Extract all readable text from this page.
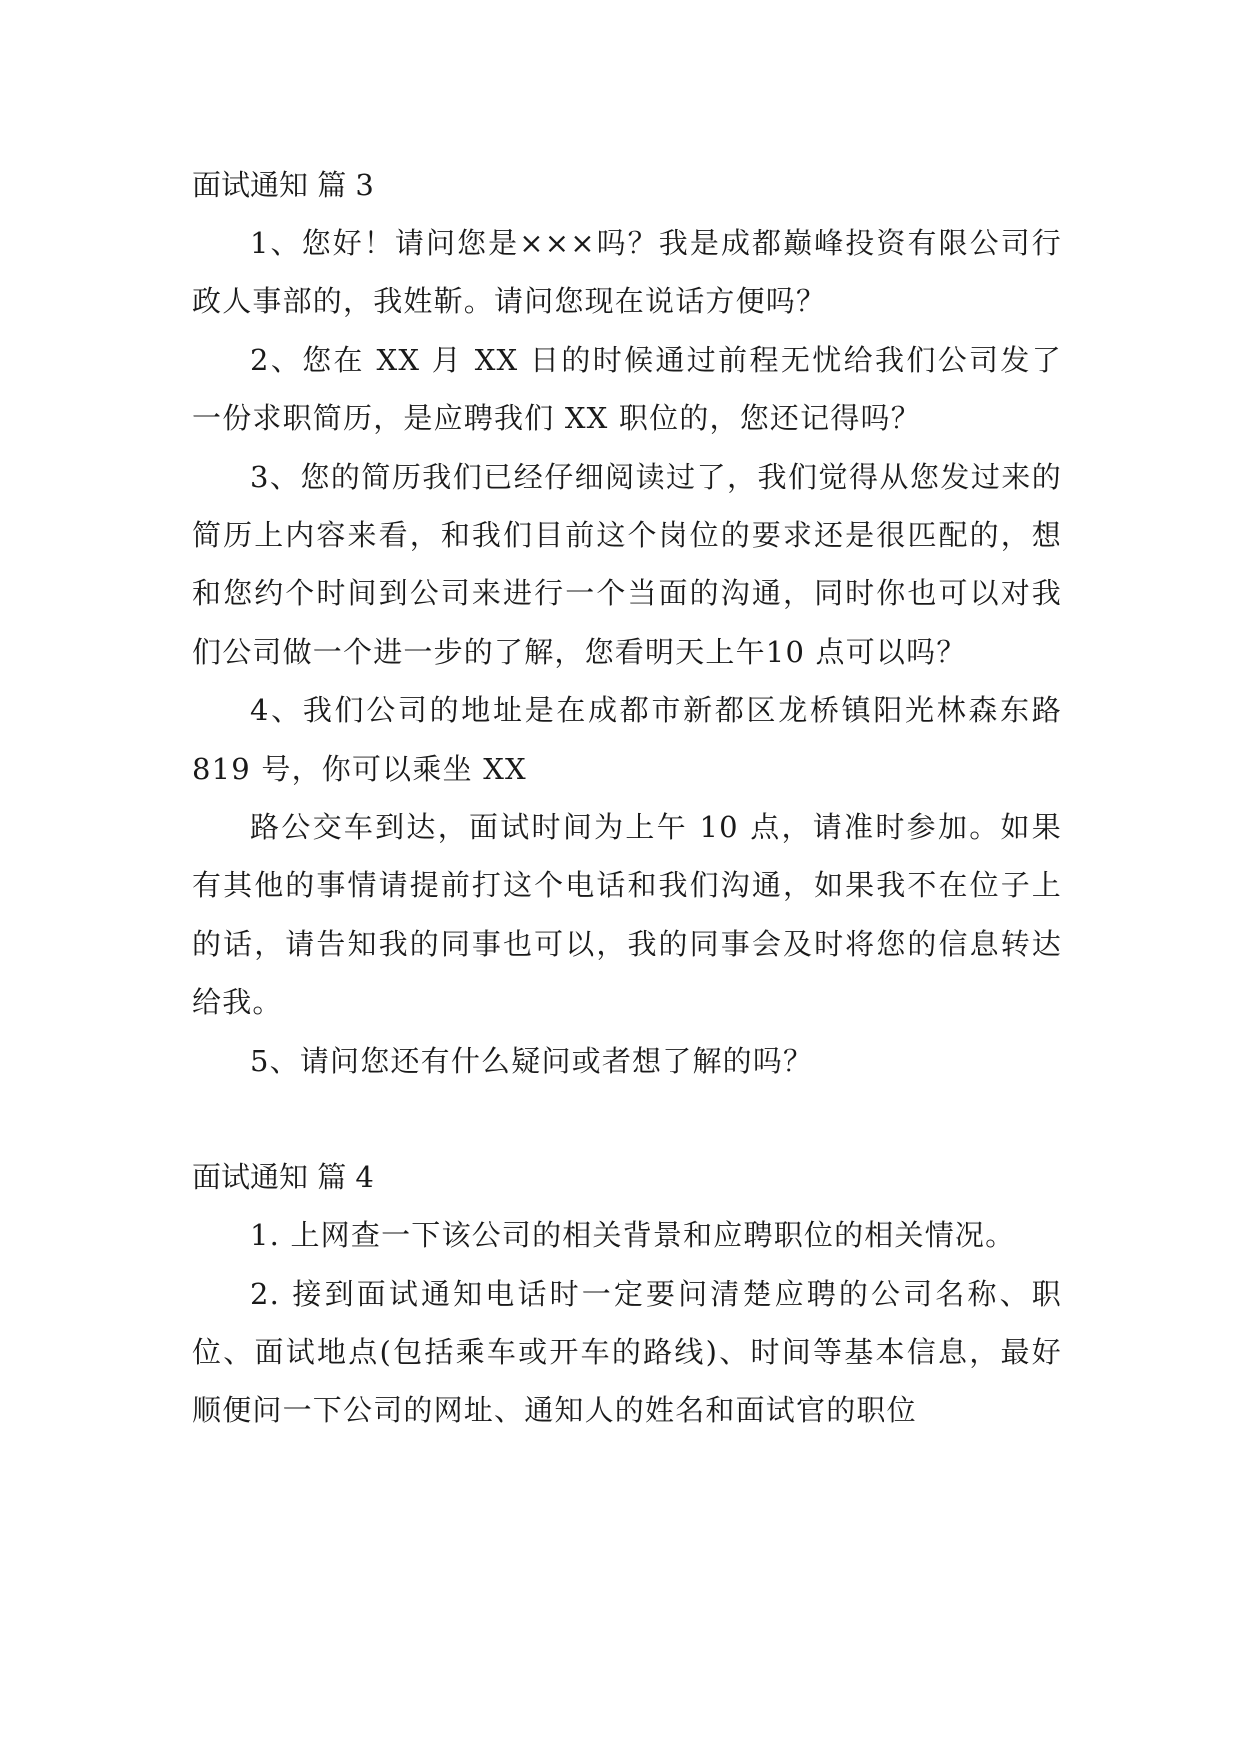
面试通知 篇 3

1、您好！请问您是×××吗？我是成都巅峰投资有限公司行政人事部的，我姓靳。请问您现在说话方便吗？

2、您在 XX 月 XX 日的时候通过前程无忧给我们公司发了一份求职简历，是应聘我们 XX 职位的，您还记得吗？

3、您的简历我们已经仔细阅读过了，我们觉得从您发过来的简历上内容来看，和我们目前这个岗位的要求还是很匹配的，想和您约个时间到公司来进行一个当面的沟通，同时你也可以对我们公司做一个进一步的了解，您看明天上午10 点可以吗？

4、我们公司的地址是在成都市新都区龙桥镇阳光林森东路 819 号，你可以乘坐 XX

路公交车到达，面试时间为上午 10 点，请准时参加。如果有其他的事情请提前打这个电话和我们沟通，如果我不在位子上的话，请告知我的同事也可以，我的同事会及时将您的信息转达给我。

5、请问您还有什么疑问或者想了解的吗？

面试通知 篇 4

1. 上网查一下该公司的相关背景和应聘职位的相关情况。

2. 接到面试通知电话时一定要问清楚应聘的公司名称、职位、面试地点(包括乘车或开车的路线)、时间等基本信息，最好顺便问一下公司的网址、通知人的姓名和面试官的职位
